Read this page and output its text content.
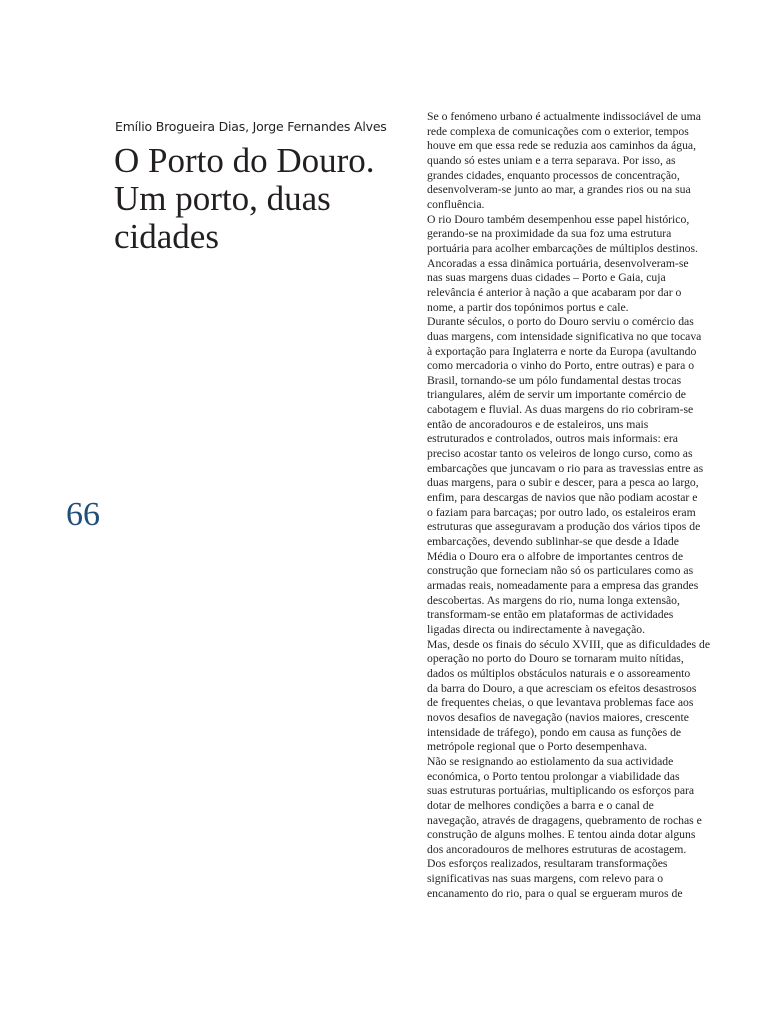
66
Emílio Brogueira Dias, Jorge Fernandes Alves
O Porto do Douro.
Um porto, duas
cidades
Se o fenómeno urbano é actualmente indissociável de uma
rede complexa de comunicações com o exterior, tempos
houve em que essa rede se reduzia aos caminhos da água,
quando só estes uniam e a terra separava. Por isso, as
grandes cidades, enquanto processos de concentração,
desenvolveram-se junto ao mar, a grandes rios ou na sua
confluência.
O rio Douro também desempenhou esse papel histórico,
gerando-se na proximidade da sua foz uma estrutura
portuária para acolher embarcações de múltiplos destinos.
Ancoradas a essa dinâmica portuária, desenvolveram-se
nas suas margens duas cidades – Porto e Gaia, cuja
relevância é anterior à nação a que acabaram por dar o
nome, a partir dos topónimos portus e cale.
Durante séculos, o porto do Douro serviu o comércio das
duas margens, com intensidade significativa no que tocava
à exportação para Inglaterra e norte da Europa (avultando
como mercadoria o vinho do Porto, entre outras) e para o
Brasil, tornando-se um pólo fundamental destas trocas
triangulares, além de servir um importante comércio de
cabotagem e fluvial. As duas margens do rio cobriram-se
então de ancoradouros e de estaleiros, uns mais
estruturados e controlados, outros mais informais: era
preciso acostar tanto os veleiros de longo curso, como as
embarcações que juncavam o rio para as travessias entre as
duas margens, para o subir e descer, para a pesca ao largo,
enfim, para descargas de navios que não podiam acostar e
o faziam para barcaças; por outro lado, os estaleiros eram
estruturas que asseguravam a produção dos vários tipos de
embarcações, devendo sublinhar-se que desde a Idade
Média o Douro era o alfobre de importantes centros de
construção que forneciam não só os particulares como as
armadas reais, nomeadamente para a empresa das grandes
descobertas. As margens do rio, numa longa extensão,
transformam-se então em plataformas de actividades
ligadas directa ou indirectamente à navegação.
Mas, desde os finais do século XVIII, que as dificuldades de
operação no porto do Douro se tornaram muito nítidas,
dados os múltiplos obstáculos naturais e o assoreamento
da barra do Douro, a que acresciam os efeitos desastrosos
de frequentes cheias, o que levantava problemas face aos
novos desafios de navegação (navios maiores, crescente
intensidade de tráfego), pondo em causa as funções de
metrópole regional que o Porto desempenhava.
Não se resignando ao estiolamento da sua actividade
económica, o Porto tentou prolongar a viabilidade das
suas estruturas portuárias, multiplicando os esforços para
dotar de melhores condições a barra e o canal de
navegação, através de dragagens, quebramento de rochas e
construção de alguns molhes. E tentou ainda dotar alguns
dos ancoradouros de melhores estruturas de acostagem.
Dos esforços realizados, resultaram transformações
significativas nas suas margens, com relevo para o
encanamento do rio, para o qual se ergueram muros de
